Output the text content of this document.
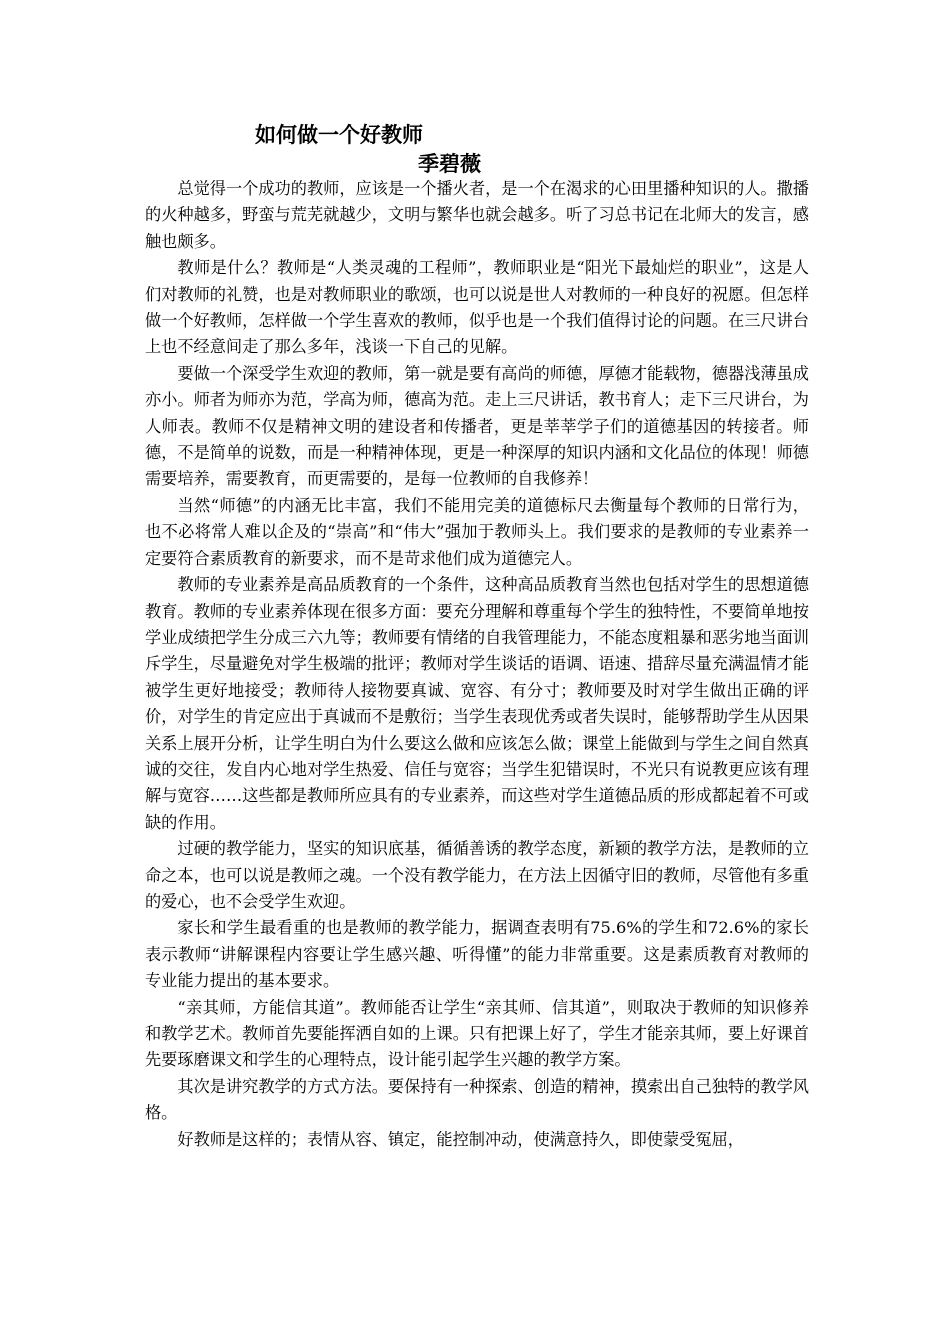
如何做一个好教师
季碧薇

总觉得一个成功的教师，应该是一个播火者，是一个在渴求的心田里播种知识的人。撒播的火种越多，野蛮与荒芜就越少，文明与繁华也就会越多。听了习总书记在北师大的发言，感触也颇多。

教师是什么？教师是“人类灵魂的工程师”，教师职业是“阳光下最灿烂的职业”，这是人们对教师的礼赞，也是对教师职业的歌颂，也可以说是世人对教师的一种良好的祝愿。但怎样做一个好教师，怎样做一个学生喜欢的教师，似乎也是一个我们值得讨论的问题。在三尺讲台上也不经意间走了那么多年，浅谈一下自己的见解。

要做一个深受学生欢迎的教师，第一就是要有高尚的师德，厚德才能载物，德器浅薄虽成亦小。师者为师亦为范，学高为师，德高为范。走上三尺讲话，教书育人；走下三尺讲台，为人师表。教师不仅是精神文明的建设者和传播者，更是莘莘学子们的道德基因的转接者。师德，不是简单的说数，而是一种精神体现，更是一种深厚的知识内涵和文化品位的体现！师德需要培养，需要教育，而更需要的，是每一位教师的自我修养！

当然“师德”的内涵无比丰富，我们不能用完美的道德标尺去衡量每个教师的日常行为，也不必将常人难以企及的“崇高”和“伟大”强加于教师头上。我们要求的是教师的专业素养一定要符合素质教育的新要求，而不是苛求他们成为道德完人。

教师的专业素养是高品质教育的一个条件，这种高品质教育当然也包括对学生的思想道德教育。教师的专业素养体现在很多方面：要充分理解和尊重每个学生的独特性，不要简单地按学业成绩把学生分成三六九等；教师要有情绪的自我管理能力，不能态度粗暴和恶劣地当面训斥学生，尽量避免对学生极端的批评；教师对学生谈话的语调、语速、措辞尽量充满温情才能被学生更好地接受；教师待人接物要真诚、宽容、有分寸；教师要及时对学生做出正确的评价，对学生的肯定应出于真诚而不是敷衍；当学生表现优秀或者失误时，能够帮助学生从因果关系上展开分析，让学生明白为什么要这么做和应该怎么做；课堂上能做到与学生之间自然真诚的交往，发自内心地对学生热爱、信任与宽容；当学生犯错误时，不光只有说教更应该有理解与宽容……这些都是教师所应具有的专业素养，而这些对学生道德品质的形成都起着不可或缺的作用。

过硬的教学能力，坚实的知识底基，循循善诱的教学态度，新颖的教学方法，是教师的立命之本，也可以说是教师之魂。一个没有教学能力，在方法上因循守旧的教师，尽管他有多重的爱心，也不会受学生欢迎。

家长和学生最看重的也是教师的教学能力，据调查表明有75.6%的学生和72.6%的家长表示教师“讲解课程内容要让学生感兴趣、听得懂”的能力非常重要。这是素质教育对教师的专业能力提出的基本要求。

“亲其师，方能信其道”。教师能否让学生“亲其师、信其道”，则取决于教师的知识修养和教学艺术。教师首先要能挥洒自如的上课。只有把课上好了，学生才能亲其师，要上好课首先要琢磨课文和学生的心理特点，设计能引起学生兴趣的教学方案。

其次是讲究教学的方式方法。要保持有一种探索、创造的精神，摸索出自己独特的教学风格。

好教师是这样的；表情从容、镇定，能控制冲动，使满意持久，即使蒙受冤屈，
